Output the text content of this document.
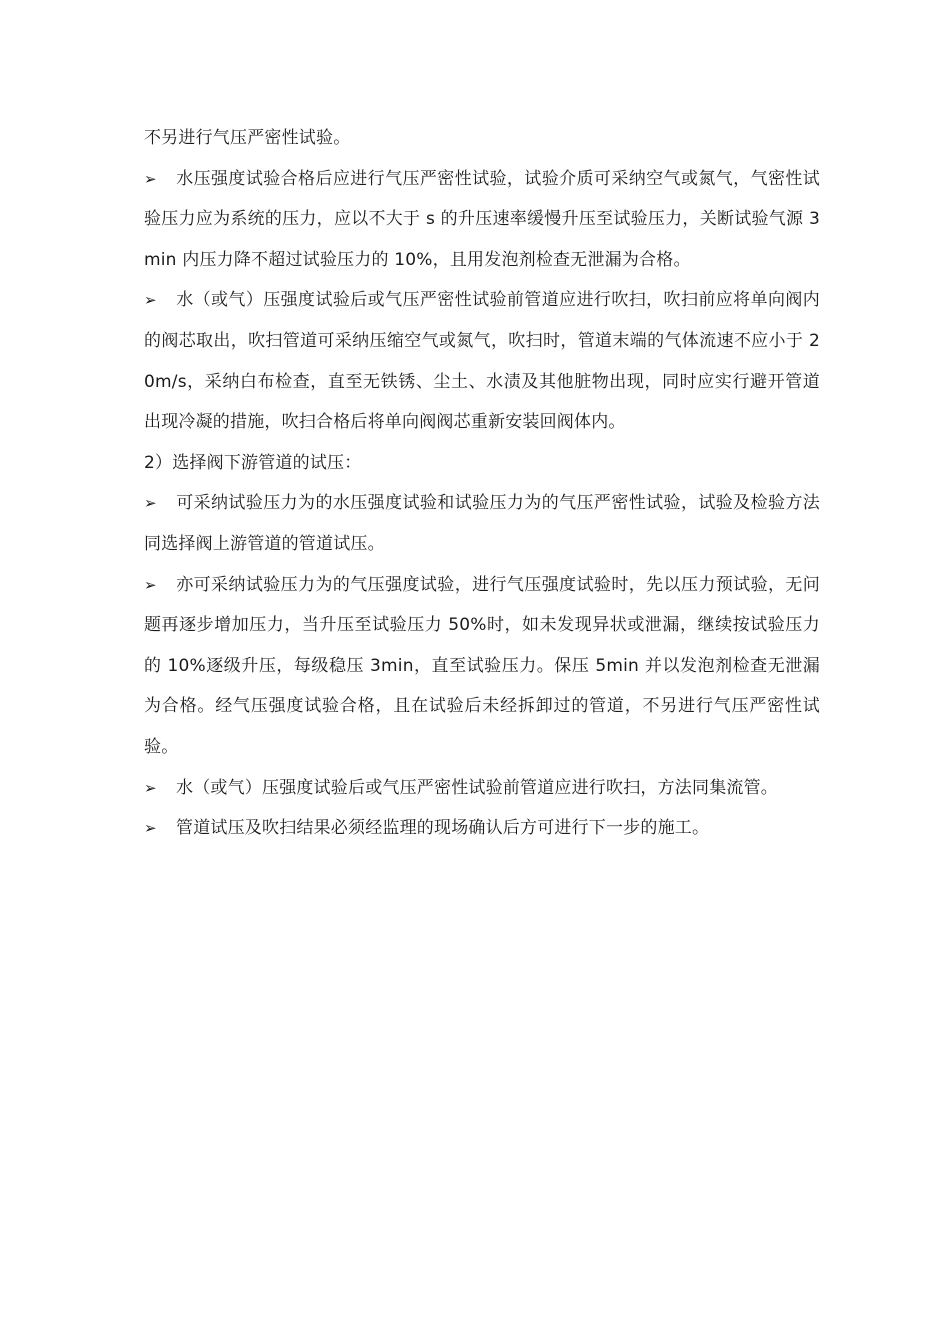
不另进行气压严密性试验。

➢ 水压强度试验合格后应进行气压严密性试验，试验介质可采纳空气或氮气，气密性试验压力应为系统的压力，应以不大于 s 的升压速率缓慢升压至试验压力，关断试验气源 3min 内压力降不超过试验压力的 10%，且用发泡剂检查无泄漏为合格。

➢ 水（或气）压强度试验后或气压严密性试验前管道应进行吹扫，吹扫前应将单向阀内的阀芯取出，吹扫管道可采纳压缩空气或氮气，吹扫时，管道末端的气体流速不应小于 20m/s，采纳白布检查，直至无铁锈、尘土、水渍及其他脏物出现，同时应实行避开管道出现冷凝的措施，吹扫合格后将单向阀阀芯重新安装回阀体内。

2）选择阀下游管道的试压：

➢ 可采纳试验压力为的水压强度试验和试验压力为的气压严密性试验，试验及检验方法同选择阀上游管道的管道试压。

➢ 亦可采纳试验压力为的气压强度试验，进行气压强度试验时，先以压力预试验，无问题再逐步增加压力，当升压至试验压力 50%时，如未发现异状或泄漏，继续按试验压力的 10%逐级升压，每级稳压 3min，直至试验压力。保压 5min 并以发泡剂检查无泄漏为合格。经气压强度试验合格，且在试验后未经拆卸过的管道，不另进行气压严密性试验。

➢ 水（或气）压强度试验后或气压严密性试验前管道应进行吹扫，方法同集流管。

➢ 管道试压及吹扫结果必须经监理的现场确认后方可进行下一步的施工。
